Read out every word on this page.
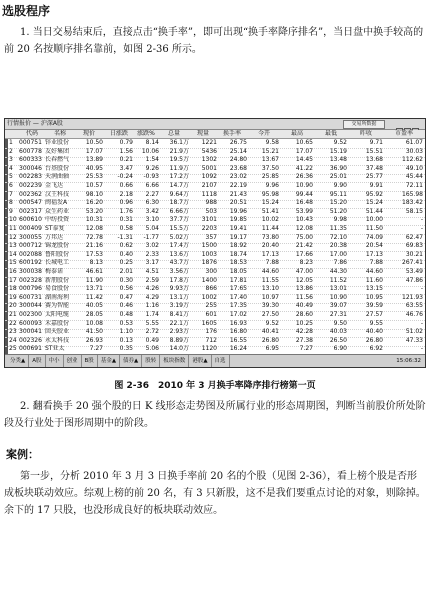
选股程序
1. 当日交易结束后，直接点击“换手率”，即可出现“换手率降序排名”，当日盘中换手较高的前 20 名按顺序排名靠前，如图 2-36 所示。
行情报价 — 沪深A股	交易所数据
代码	名称	现价	日涨跌	涨跌%	总量	现量	换手率	今开	最高	最低	昨收	市盈率
1	000751 锌业股份	10.50	0.79	8.14	36.1万	1221	26.75	9.58	10.65	9.52	9.71	61.07
2	600778 友好集团	17.07	1.56	10.06	21.9万	5436	25.14	15.21	17.07	15.19	15.51	30.03
3	600333 长春燃气	13.89	0.21	1.54	19.5万	1302	24.80	13.67	14.45	13.48	13.68	112.62
4	300046 台基股份	40.95	3.47	9.26	11.9万	5001	23.68	37.50	41.22	36.90	37.48	49.10
5	002283 天润曲轴	25.53	-0.24	-0.93	17.2万	1092	23.02	25.85	26.36	25.01	25.77	45.44
6	002239 金飞达	10.57	0.66	6.66	14.7万	2107	22.19	9.96	10.90	9.90	9.91	72.11
7	002362 汉王科技	98.10	2.18	2.27	9.64万	1118	21.43	95.98	99.44	95.11	95.92	165.98
8	000547 闽福发A	16.20	0.96	6.30	18.7万	988	20.51	15.24	16.48	15.20	15.24	183.42
9	002317 众生药业	53.20	1.76	3.42	6.66万	503	19.96	51.41	53.99	51.20	51.44	58.15
10 600610 中纺投资	10.31	0.31	3.10	37.7万	3101	19.85	10.02	10.43	9.98	10.00	-
11 000409 ST泰复	12.08	0.58	5.04	15.5万	2203	19.41	11.44	12.08	11.35	11.50	-
12 300055 万邦达	72.78	-1.31	-1.77	5.02万	357	19.17	73.80	75.00	72.10	74.09	62.47
13 000712 锦龙股份	21.16	0.62	3.02	17.4万	1500	18.92	20.40	21.42	20.38	20.54	69.83
14 002088 鲁阳股份	17.53	0.40	2.33	13.6万	1003	18.74	17.13	17.66	17.00	17.13	30.21
15 600192 长城电工	8.13	0.25	3.17	43.7万	1876	18.53	7.88	8.23	7.86	7.88	267.41
16 300038 梅泰诺	46.61	2.01	4.51	3.56万	300	18.05	44.60	47.00	44.30	44.60	53.49
17 002328 新朋股份	11.90	0.30	2.59	17.8万	1400	17.81	11.55	12.05	11.52	11.60	47.86
18 000796 易食股份	13.71	0.56	4.26	9.93万	866	17.65	13.10	13.86	13.01	13.15	-
19 600731 湖南海利	11.42	0.47	4.29	13.1万	1002	17.40	10.97	11.56	10.90	10.95	121.93
20 300044 赛为智能	40.05	0.46	1.16	3.19万	255	17.35	39.30	40.49	39.07	39.59	63.55
21 002300 太阳电缆	28.05	0.48	1.74	8.41万	601	17.02	27.50	28.60	27.31	27.57	46.76
22 600093 禾嘉股份	10.08	0.53	5.55	22.1万	1605	16.93	9.52	10.25	9.50	9.55	-
23 300041 回天胶业	41.50	1.10	2.72	2.93万	176	16.80	40.41	42.28	40.03	40.40	51.02
24 002326 永太科技	26.93	0.13	0.49	8.89万	712	16.55	26.80	27.38	26.50	26.80	47.33
25 000691 ST亚太	7.27	0.35	5.06	14.0万	1120	16.24	6.95	7.27	6.90	6.92	-
15:06:32
分类▲ A股 中小 创业 B股 基金▲ 债券▲ 股转 板块指数 港股▲ 自选
图 2-36　2010 年 3 月换手率降序排行榜第一页
2. 翻看换手 20 强个股的日 K 线形态走势图及所属行业的形态周期图，判断当前股价所处阶段及行业处于图形周期中的阶段。
案例：
第一步，分析 2010 年 3 月 3 日换手率前 20 名的个股（见图 2-36），看上榜个股是否形成板块联动效应。综观上榜的前 20 名，有 3 只新股，这不是我们要重点讨论的对象，则除掉。余下的 17 只股，也没形成良好的板块联动效应。
